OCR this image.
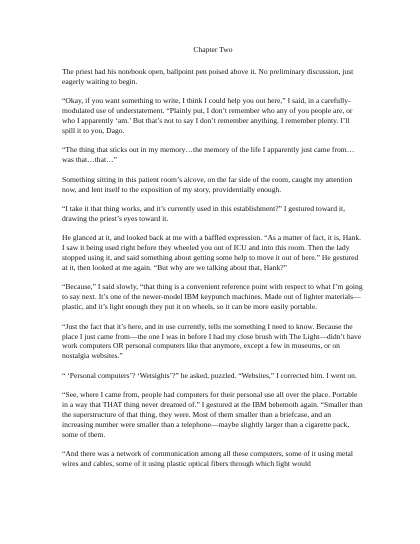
Chapter Two

The priest had his notebook open, ballpoint pen poised above it. No preliminary discussion, just eagerly waiting to begin.

“Okay, if you want something to write, I think I could help you out here,” I said, in a carefully-modulated use of understatement. “Plainly put, I don’t remember who any of you people are, or who I apparently ‘am.’ But that’s not to say I don’t remember anything. I remember plenty. I’ll spill it to you, Dago.

“The thing that sticks out in my memory…the memory of the life I apparently just came from…was that…that…”

Something sitting in this patient room’s alcove, on the far side of the room, caught my attention now, and lent itself to the exposition of my story, providentially enough.

“I take it that thing works, and it’s currently used in this establishment?” I gestured toward it, drawing the priest’s eyes toward it.

He glanced at it, and looked back at me with a baffled expression. “As a matter of fact, it is, Hank. I saw it being used right before they wheeled you out of ICU and into this room. Then the lady stopped using it, and said something about getting some help to move it out of here.” He gestured at it, then looked at me again. “But why are we talking about that, Hank?”

“Because,” I said slowly, “that thing is a convenient reference point with respect to what I’m going to say next. It’s one of the newer-model IBM keypunch machines. Made out of lighter materials—plastic, and it’s light enough they put it on wheels, so it can be more easily portable.

“Just the fact that it’s here, and in use currently, tells me something I need to know. Because the place I just came from—the one I was in before I had my close brush with The Light—didn’t have work computers OR personal computers like that anymore, except a few in museums, or on nostalgia websites.”

“ ‘Personal computers’? ‘Wetsights’?” he asked, puzzled. “Websites,” I corrected him. I went on.

“See, where I came from, people had computers for their personal use all over the place. Portable in a way that THAT thing never dreamed of.” I gestured at the IBM behemoth again. “Smaller than the superstructure of that thing, they were. Most of them smaller than a briefcase, and an increasing number were smaller than a telephone—maybe slightly larger than a cigarette pack, some of them.

“And there was a network of communication among all these computers, some of it using metal wires and cables, some of it using plastic optical fibers through which light would
